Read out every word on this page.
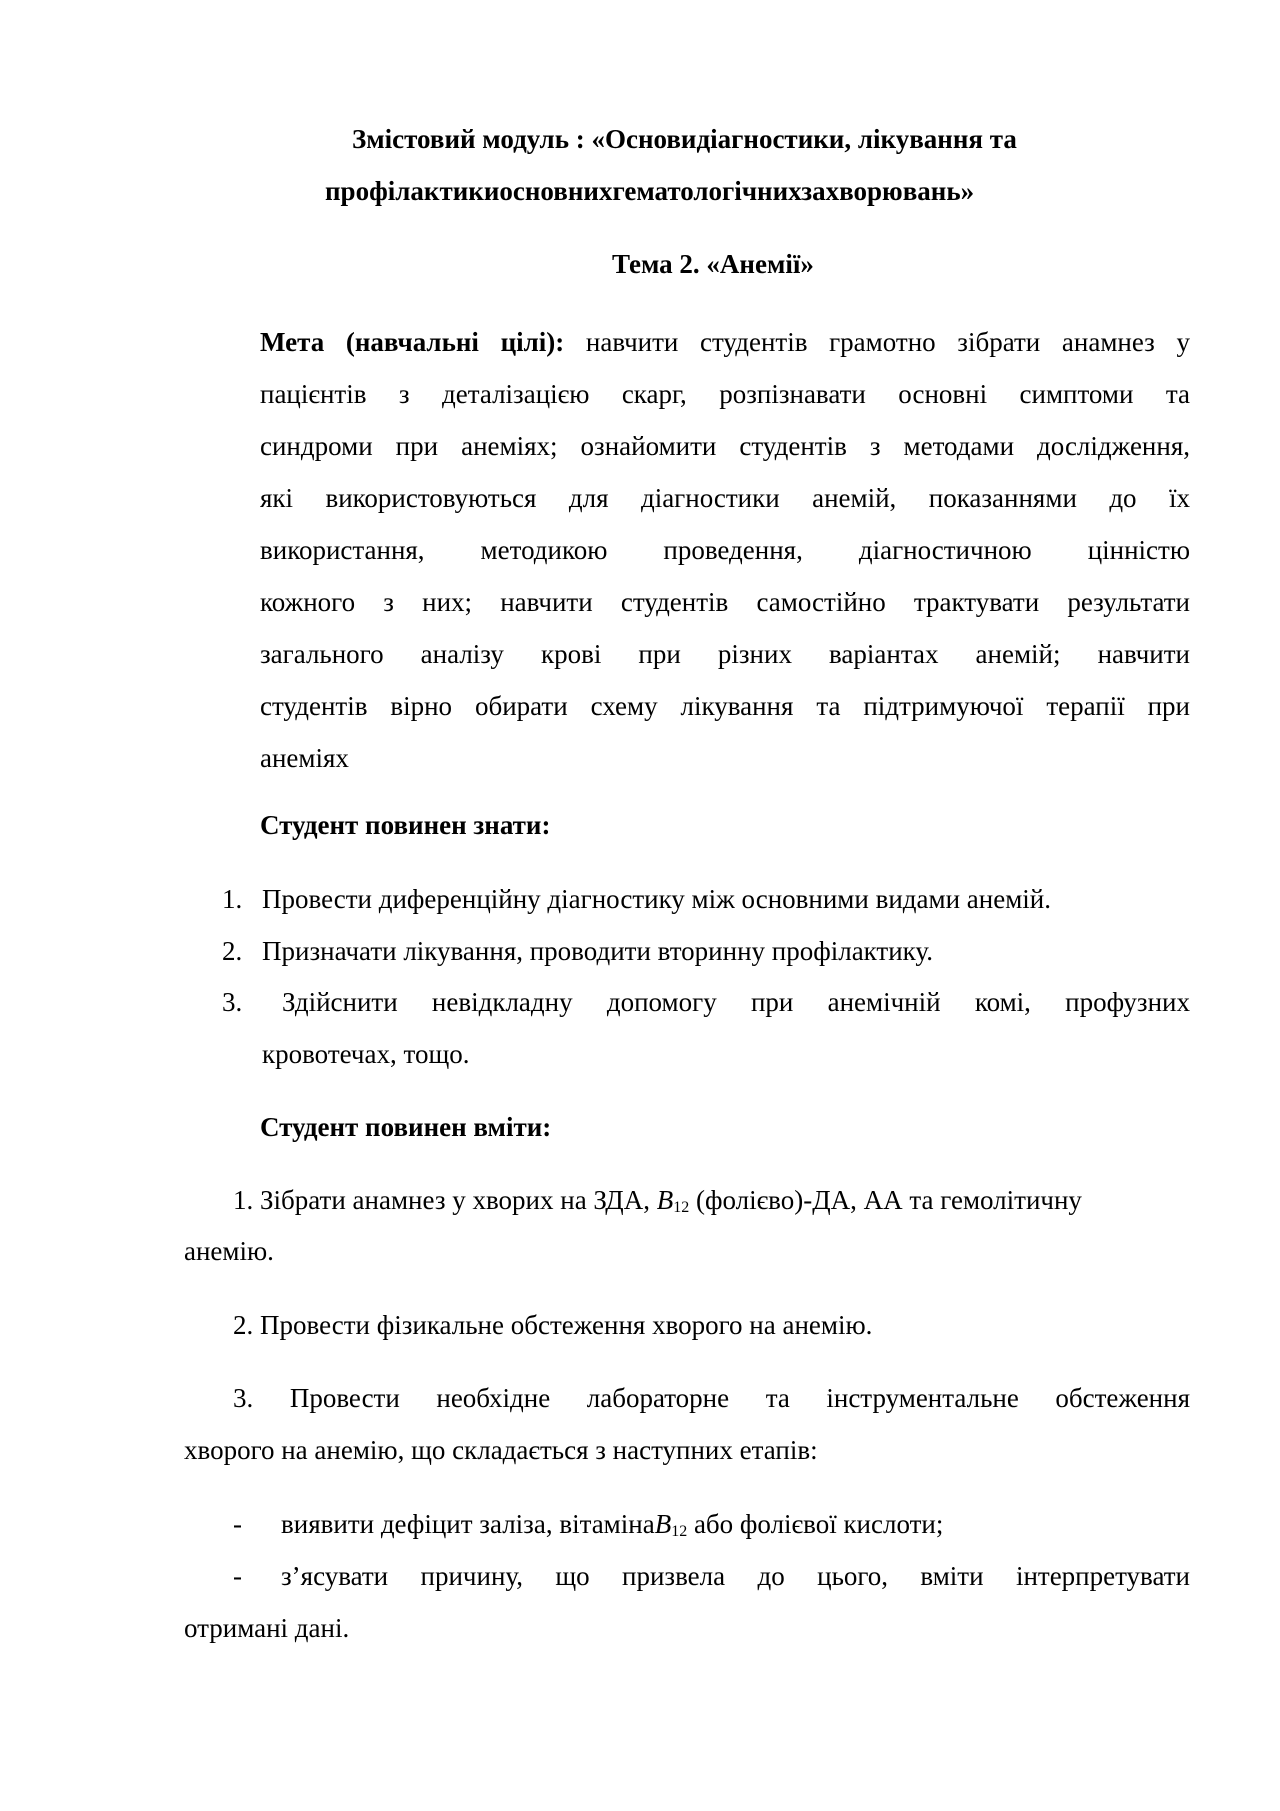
Змістовий модуль : «Основидіагностики, лікування та
профілактикиосновнихгематологічнихзахворювань»
Тема 2. «Анемії»
Мета (навчальні цілі): навчити студентів грамотно зібрати анамнез у
пацієнтів з деталізацією скарг, розпізнавати основні симптоми та
синдроми при анеміях; ознайомити студентів з методами дослідження,
які використовуються для діагностики анемій, показаннями до їх
використання, методикою проведення, діагностичною цінністю
кожного з них; навчити студентів самостійно трактувати результати
загального аналізу крові при різних варіантах анемій; навчити
студентів вірно обирати схему лікування та підтримуючої терапії при
анеміях
Студент повинен знати:
1. Провести диференційну діагностику між основними видами анемій.
2. Призначати лікування, проводити вторинну профілактику.
3. Здійснити невідкладну допомогу при анемічній комі, профузних
кровотечах, тощо.
Студент повинен вміти:
1. Зібрати анамнез у хворих на ЗДА, $B_{12}$ (фолієво)-ДА, АА та гемолітичну
анемію.
2. Провести фізикальне обстеження хворого на анемію.
3. Провести необхідне лабораторне та інструментальне обстеження
хворого на анемію, що складається з наступних етапів:
- виявити дефіцит заліза, вітамінаB$_{12}$ або фолієвої кислоти;
- з’ясувати причину, що призвела до цього, вміти інтерпретувати
отримані дані.
